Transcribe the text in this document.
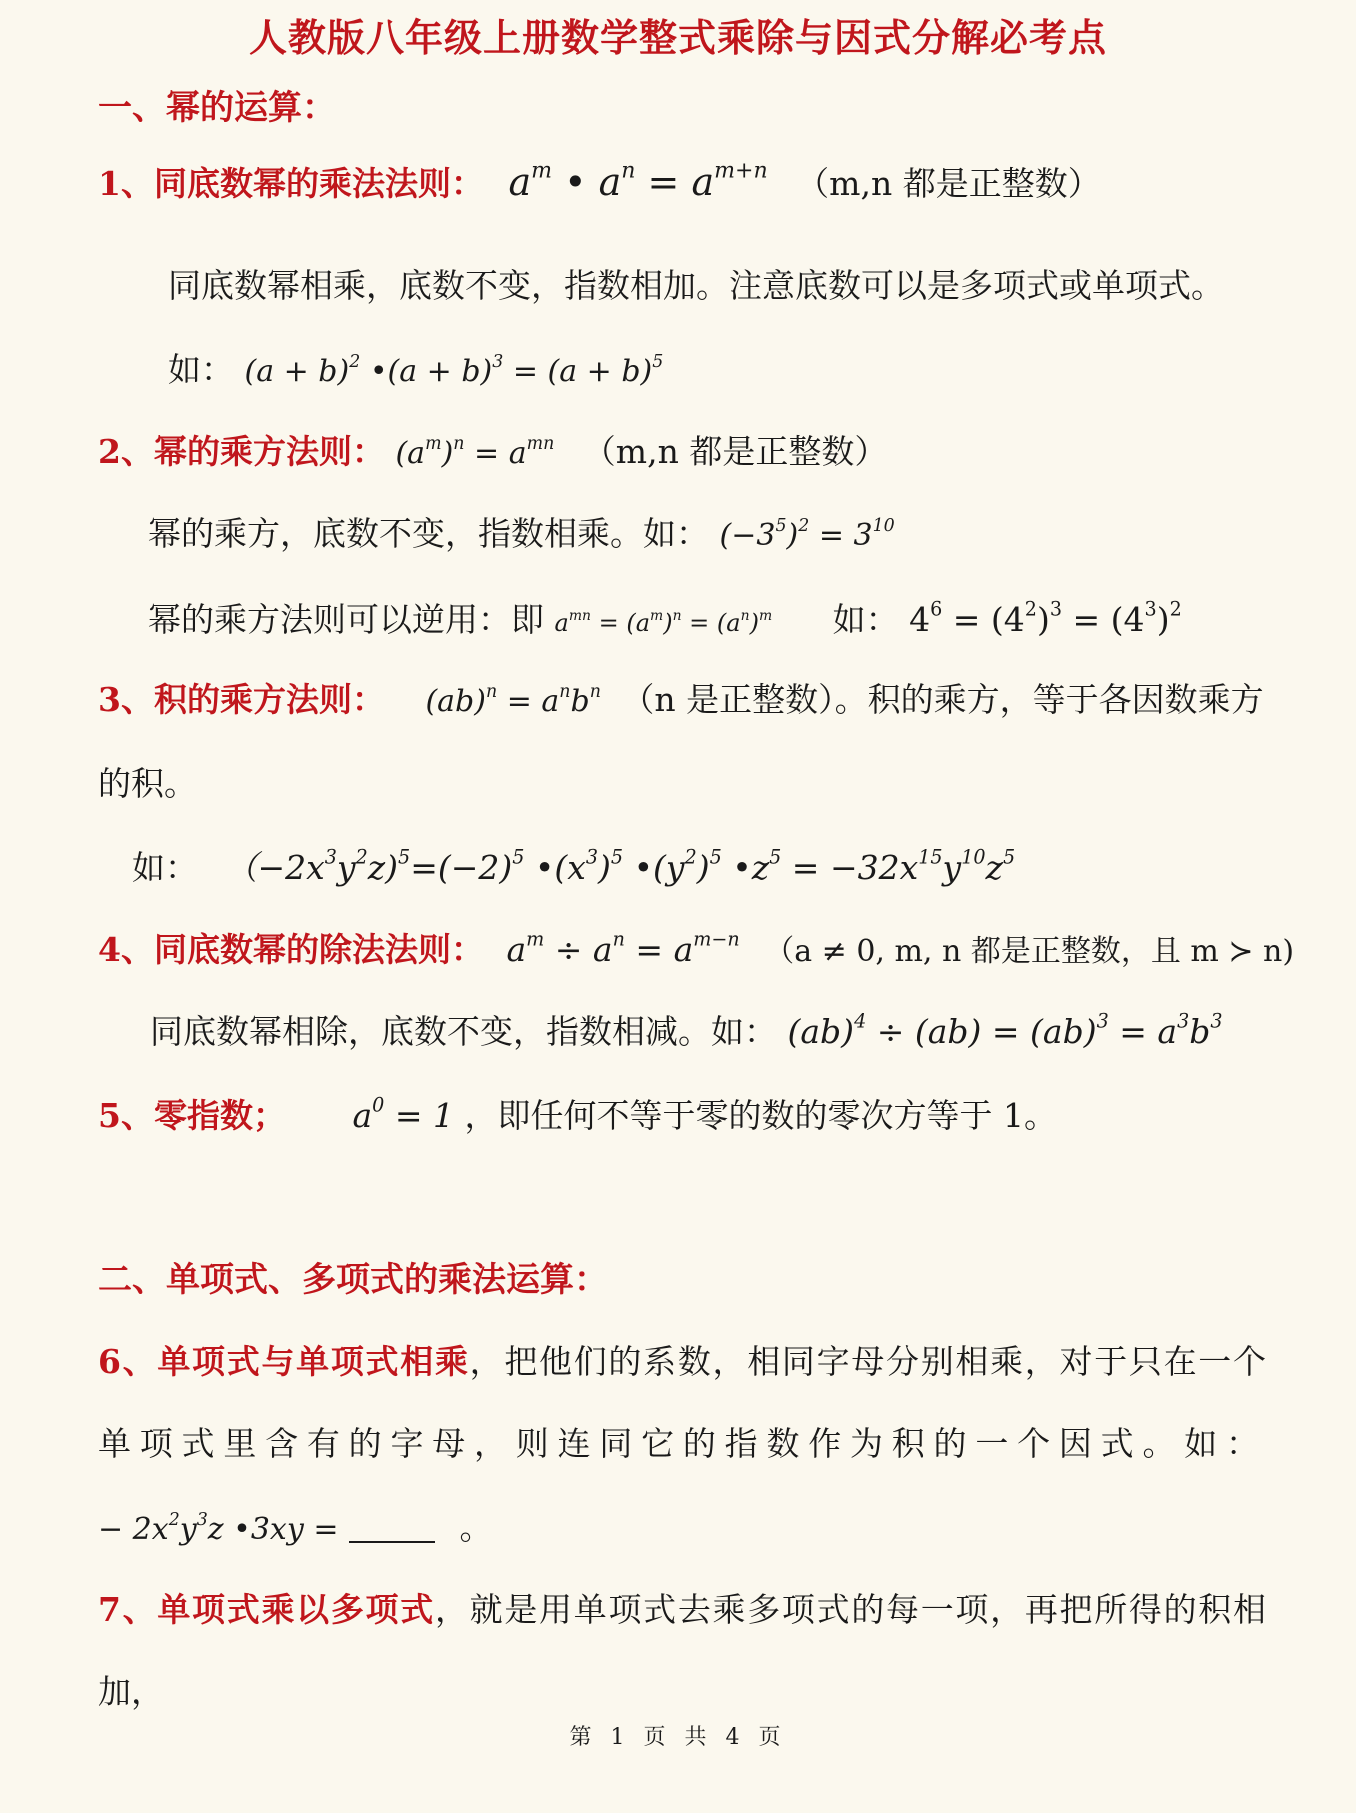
人教版八年级上册数学整式乘除与因式分解必考点
一、幂的运算：
1、同底数幂的乘法法则： $a^m$ • $a^n = a^{m+n}$ （m,n 都是正整数）
同底数幂相乘，底数不变，指数相加。注意底数可以是多项式或单项式。
如： $(a + b)^2$ •(a + $b)^3 = (a + b)^5$
2、幂的乘方法则： $(a^m)^n = a^{mn}$ （m,n 都是正整数）
幂的乘方，底数不变，指数相乘。如： $(-3^5)^2 = 3^{10}$
幂的乘方法则可以逆用：即 $a^{mn} = (a^m)^n = (a^n)^m$ 如： $4^6 = (4^2)^3 = (4^3)^2$
3、积的乘方法则： $(ab)^n = a^nb^n$ （n 是正整数）。积的乘方，等于各因数乘方
的积。
如： $(-2x^3y^2z)^5=(-2)^5$ $•(x^3)^5$ $•(y^2)^5$ $•z^5 = -32x^{15}y^{10}z^5$
4、同底数幂的除法法则： $a^m \div a^n = a^{m-n}$ （a ≠ 0, m, n 都是正整数，且 m ≻ n)
同底数幂相除，底数不变，指数相减。如： $(ab)^4 \div (ab) = (ab)^3 = a^3b^3$
5、零指数； $a^0 = 1$ ，即任何不等于零的数的零次方等于 1。
二、单项式、多项式的乘法运算：
6、单项式与单项式相乘，把他们的系数，相同字母分别相乘，对于只在一个
单项式里含有的字母，则连同它的指数作为积的一个因式。如：
− $2x^2y^3z$ •3xy =	。
7、单项式乘以多项式，就是用单项式去乘多项式的每一项，再把所得的积相
加，
第 1 页 共 4 页
